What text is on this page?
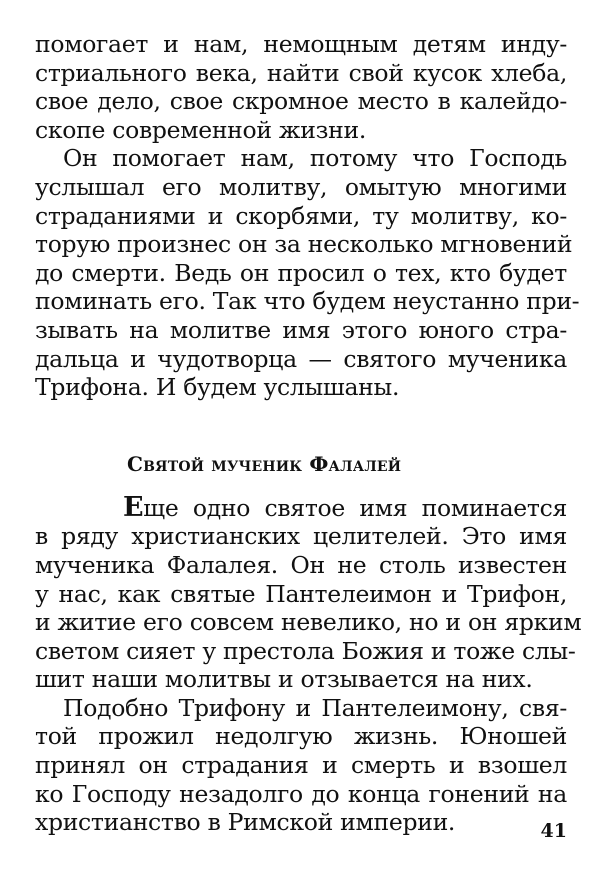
помогает и нам, немощным детям инду-
стриального века, найти свой кусок хлеба,
свое дело, свое скромное место в калейдо-
скопе современной жизни.
Он помогает нам, потому что Господь
услышал его молитву, омытую многими
страданиями и скорбями, ту молитву, ко-
торую произнес он за несколько мгновений
до смерти. Ведь он просил о тех, кто будет
поминать его. Так что будем неустанно при-
зывать на молитве имя этого юного стра-
дальца и чудотворца — святого мученика
Трифона. И будем услышаны.
Святой мученик Фалалей
Еще одно святое имя поминается
в ряду христианских целителей. Это имя
мученика Фалалея. Он не столь известен
у нас, как святые Пантелеимон и Трифон,
и житие его совсем невелико, но и он ярким
светом сияет у престола Божия и тоже слы-
шит наши молитвы и отзывается на них.
Подобно Трифону и Пантелеимону, свя-
той прожил недолгую жизнь. Юношей
принял он страдания и смерть и взошел
ко Господу незадолго до конца гонений на
христианство в Римской империи.	41
